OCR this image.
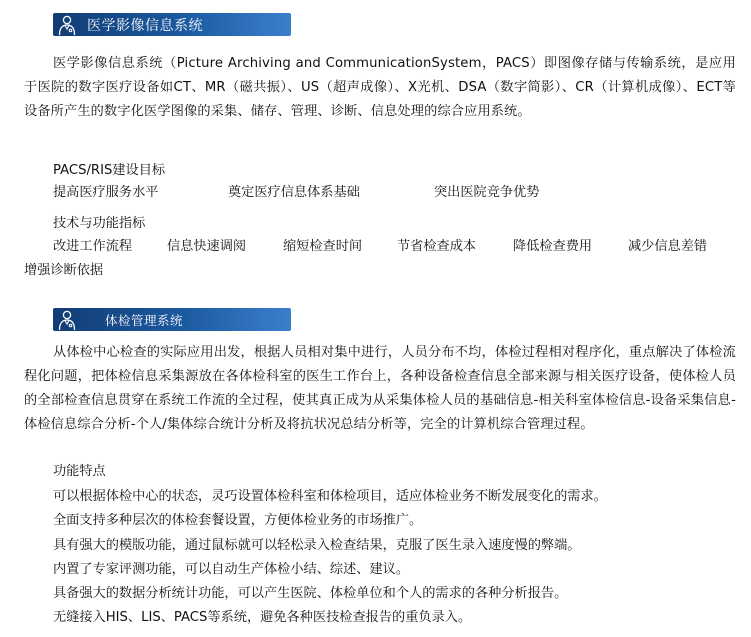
医学影像信息系统

医学影像信息系统（Picture Archiving and CommunicationSystem，PACS）即图像存储与传输系统，是应用于医院的数字医疗设备如CT、MR（磁共振）、US（超声成像）、X光机、DSA（数字简影）、CR（计算机成像）、ECT等设备所产生的数字化医学图像的采集、储存、管理、诊断、信息处理的综合应用系统。

PACS/RIS建设目标
提高医疗服务水平	奠定医疗信息体系基础	突出医院竞争优势
技术与功能指标
改进工作流程	信息快速调阅	缩短检查时间	节省检查成本	降低检查费用	减少信息差错
增强诊断依据
体检管理系统

从体检中心检查的实际应用出发，根据人员相对集中进行，人员分布不均，体检过程相对程序化，重点解决了体检流程化问题，把体检信息采集源放在各体检科室的医生工作台上，各种设备检查信息全部来源与相关医疗设备，使体检人员的全部检查信息贯穿在系统工作流的全过程，使其真正成为从采集体检人员的基础信息-相关科室体检信息-设备采集信息-体检信息综合分析-个人/集体综合统计分析及将抗状况总结分析等，完全的计算机综合管理过程。

功能特点
可以根据体检中心的状态，灵巧设置体检科室和体检项目，适应体检业务不断发展变化的需求。
全面支持多种层次的体检套餐设置，方便体检业务的市场推广。
具有强大的模版功能，通过鼠标就可以轻松录入检查结果，克服了医生录入速度慢的弊端。
内置了专家评测功能，可以自动生产体检小结、综述、建议。
具备强大的数据分析统计功能，可以产生医院、体检单位和个人的需求的各种分析报告。
无缝接入HIS、LIS、PACS等系统，避免各种医技检查报告的重负录入。
